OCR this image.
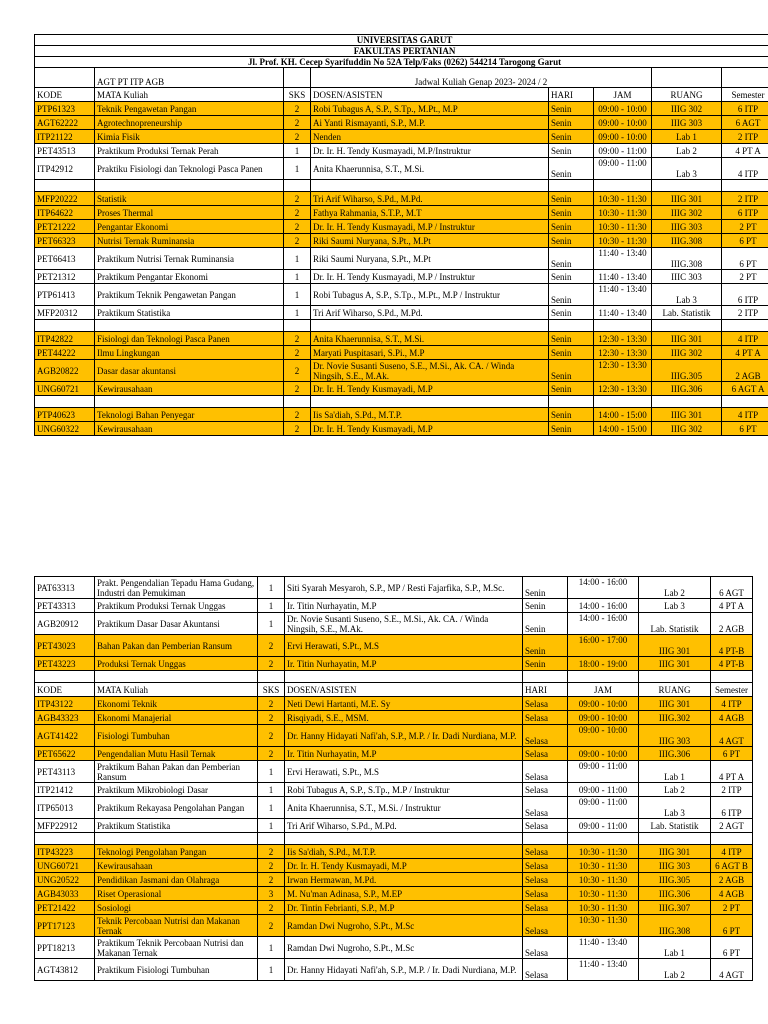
UNIVERSITAS GARUT							
FAKULTAS PERTANIAN							
Jl. Prof. KH. Cecep Syarifuddin No 52A Telp/Faks (0262) 544214 Tarogong Garut							
	AGT PT ITP AGB		Jadwal Kuliah Genap 2023- 2024 / 2				
KODE	MATA Kuliah	SKS	DOSEN/ASISTEN	HARI	JAM	RUANG	Semester
PTP61323	Teknik Pengawetan Pangan	2	Robi Tubagus A, S.P., S.Tp., M.Pt., M.P	Senin	09:00 - 10:00	IIIG 302	6 ITP
AGT62222	Agrotechnopreneurship	2	Ai Yanti Rismayanti, S.P., M.P.	Senin	09:00 - 10:00	IIIG 303	6 AGT
ITP21122	Kimia Fisik	2	Nenden	Senin	09:00 - 10:00	Lab 1	2 ITP
PET43513	Praktikum Produksi Ternak Perah	1	Dr. Ir. H. Tendy Kusmayadi, M.P/Instruktur	Senin	09:00 - 11:00	Lab 2	4 PT A
ITP42912	Praktiku Fisiologi dan Teknologi Pasca Panen	1	Anita Khaerunnisa, S.T., M.Si.	Senin	09:00 - 11:00	Lab 3	4 ITP

MFP20222	Statistik	2	Tri Arif Wiharso, S.Pd., M.Pd.	Senin	10:30 - 11:30	IIIG 301	2 ITP
ITP64622	Proses Thermal	2	Fathya Rahmania, S.T.P., M.T	Senin	10:30 - 11:30	IIIG 302	6 ITP
PET21222	Pengantar Ekonomi	2	Dr. Ir. H. Tendy Kusmayadi, M.P / Instruktur	Senin	10:30 - 11:30	IIIG 303	2 PT
PET66323	Nutrisi Ternak Ruminansia	2	Riki Saumi Nuryana, S.Pt., M.Pt	Senin	10:30 - 11:30	IIIG.308	6 PT
PET66413	Praktikum Nutrisi Ternak Ruminansia	1	Riki Saumi Nuryana, S.Pt., M.Pt	Senin	11:40 - 13:40	IIIG.308	6 PT
PET21312	Praktikum Pengantar Ekonomi	1	Dr. Ir. H. Tendy Kusmayadi, M.P / Instruktur	Senin	11:40 - 13:40	IIIC 303	2 PT
PTP61413	Praktikum Teknik Pengawetan Pangan	1	Robi Tubagus A, S.P., S.Tp., M.Pt., M.P / Instruktur	Senin	11:40 - 13:40	Lab 3	6 ITP
MFP20312	Praktikum Statistika	1	Tri Arif Wiharso, S.Pd., M.Pd.	Senin	11:40 - 13:40	Lab. Statistik	2 ITP

ITP42822	Fisiologi dan Teknologi Pasca Panen	2	Anita Khaerunnisa, S.T., M.Si.	Senin	12:30 - 13:30	IIIG 301	4 ITP
PET44222	Ilmu Lingkungan	2	Maryati Puspitasari, S.Pi., M.P	Senin	12:30 - 13:30	IIIG 302	4 PT A
AGB20822	Dasar dasar akuntansi	2	Dr. Novie Susanti Suseno, S.E., M.Si., Ak. CA. / Winda Ningsih, S.E., M.Ak.	Senin	12:30 - 13:30	IIIG.305	2 AGB
UNG60721	Kewirausahaan	2	Dr. Ir. H. Tendy Kusmayadi, M.P	Senin	12:30 - 13:30	IIIG.306	6 AGT A

PTP40623	Teknologi Bahan Penyegar	2	Iis Sa'diah, S.Pd., M.T.P.	Senin	14:00 - 15:00	IIIG 301	4 ITP
UNG60322	Kewirausahaan	2	Dr. Ir. H. Tendy Kusmayadi, M.P	Senin	14:00 - 15:00	IIIG 302	6 PT
PAT63313	Prakt. Pengendalian Tepadu Hama Gudang, Industri dan Pemukiman	1	Siti Syarah Mesyaroh, S.P., MP / Resti Fajarfika, S.P., M.Sc.	Senin	14:00 - 16:00	Lab 2	6 AGT
PET43313	Praktikum Produksi Ternak Unggas	1	Ir. Titin Nurhayatin, M.P	Senin	14:00 - 16:00	Lab 3	4 PT A
AGB20912	Praktikum Dasar Dasar Akuntansi	1	Dr. Novie Susanti Suseno, S.E., M.Si., Ak. CA. / Winda Ningsih, S.E., M.Ak.	Senin	14:00 - 16:00	Lab. Statistik	2 AGB
PET43023	Bahan Pakan dan Pemberian Ransum	2	Ervi Herawati, S.Pt., M.S	Senin	16:00 - 17:00	IIIG 301	4 PT-B
PET43223	Produksi Ternak Unggas	2	Ir. Titin Nurhayatin, M.P	Senin	18:00 - 19:00	IIIG 301	4 PT-B

KODE	MATA Kuliah	SKS	DOSEN/ASISTEN	HARI	JAM	RUANG	Semester
ITP43122	Ekonomi Teknik	2	Neti Dewi Hartanti, M.E. Sy	Selasa	09:00 - 10:00	IIIG 301	4 ITP
AGB43323	Ekonomi Manajerial	2	Risqiyadi, S.E., MSM.	Selasa	09:00 - 10:00	IIIG.302	4 AGB
AGT41422	Fisiologi Tumbuhan	2	Dr. Hanny Hidayati Nafi'ah, S.P., M.P. / Ir. Dadi Nurdiana, M.P.	Selasa	09:00 - 10:00	IIIG 303	4 AGT
PET65622	Pengendalian Mutu Hasil Ternak	2	Ir. Titin Nurhayatin, M.P	Selasa	09:00 - 10:00	IIIG.306	6 PT
PET43113	Praktikum Bahan Pakan dan Pemberian Ransum	1	Ervi Herawati, S.Pt., M.S	Selasa	09:00 - 11:00	Lab 1	4 PT A
ITP21412	Praktikum Mikrobiologi Dasar	1	Robi Tubagus A, S.P., S.Tp., M.P / Instruktur	Selasa	09:00 - 11:00	Lab 2	2 ITP
ITP65013	Praktikum Rekayasa Pengolahan Pangan	1	Anita Khaerunnisa, S.T., M.Si. / Instruktur	Selasa	09:00 - 11:00	Lab 3	6 ITP
MFP22912	Praktikum Statistika	1	Tri Arif Wiharso, S.Pd., M.Pd.	Selasa	09:00 - 11:00	Lab. Statistik	2 AGT

ITP43223	Teknologi Pengolahan Pangan	2	Iis Sa'diah, S.Pd., M.T.P.	Selasa	10:30 - 11:30	IIIG 301	4 ITP
UNG60721	Kewirausahaan	2	Dr. Ir. H. Tendy Kusmayadi, M.P	Selasa	10:30 - 11:30	IIIG 303	6 AGT B
UNG20522	Pendidikan Jasmani dan Olahraga	2	Irwan Hermawan, M.Pd.	Selasa	10:30 - 11:30	IIIG.305	2 AGB
AGB43033	Riset Operasional	3	M. Nu'man Adinasa, S.P., M.EP	Selasa	10:30 - 11:30	IIIG.306	4 AGB
PET21422	Sosiologi	2	Dr. Tintin Febrianti, S.P., M.P	Selasa	10:30 - 11:30	IIIG.307	2 PT
PPT17123	Teknik Percobaan Nutrisi dan Makanan Ternak	2	Ramdan Dwi Nugroho, S.Pt., M.Sc	Selasa	10:30 - 11:30	IIIG.308	6 PT
PPT18213	Praktikum Teknik Percobaan Nutrisi dan Makanan Ternak	1	Ramdan Dwi Nugroho, S.Pt., M.Sc	Selasa	11:40 - 13:40	Lab 1	6 PT
AGT43812	Praktikum Fisiologi Tumbuhan	1	Dr. Hanny Hidayati Nafi'ah, S.P., M.P. / Ir. Dadi Nurdiana, M.P.	Selasa	11:40 - 13:40	Lab 2	4 AGT
